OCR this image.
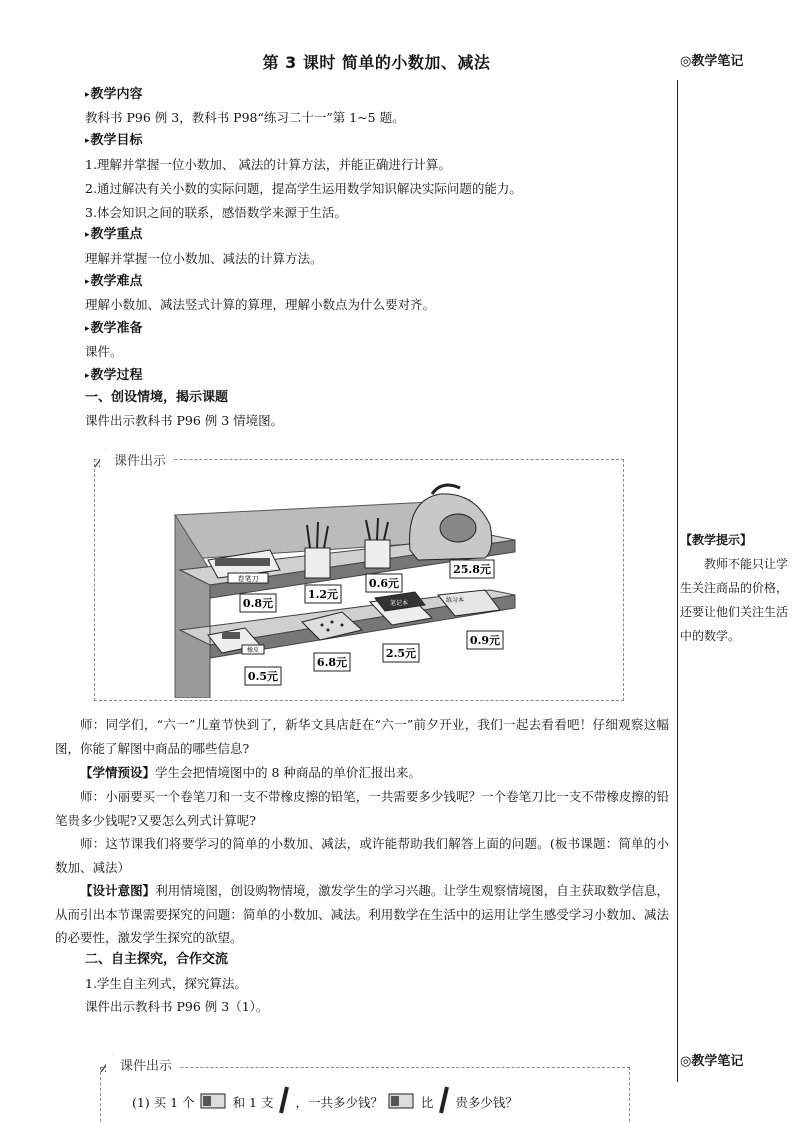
第 3 课时 简单的小数加、减法
▸教学内容
教科书 P96 例 3，教科书 P98“练习二十一”第 1~5 题。
▸教学目标
1.理解并掌握一位小数加、 减法的计算方法，并能正确进行计算。
2.通过解决有关小数的实际问题，提高学生运用数学知识解决实际问题的能力。
3.体会知识之间的联系，感悟数学来源于生活。
▸教学重点
理解并掌握一位小数加、减法的计算方法。
▸教学难点
理解小数加、减法竖式计算的算理，理解小数点为什么要对齐。
▸教学准备
课件。
▸教学过程
一、创设情境，揭示课题
课件出示教科书 P96 例 3 情境图。
师：同学们，“六一”儿童节快到了，新华文具店赶在“六一”前夕开业，我们一起去看看吧！仔细观察这幅图，你能了解图中商品的哪些信息?
【学情预设】学生会把情境图中的 8 种商品的单价汇报出来。
师：小丽要买一个卷笔刀和一支不带橡皮擦的铅笔，一共需要多少钱呢？一个卷笔刀比一支不带橡皮擦的铅笔贵多少钱呢?又要怎么列式计算呢?
师：这节课我们将要学习的简单的小数加、减法，或许能帮助我们解答上面的问题。(板书课题：简单的小数加、减法）
【设计意图】利用情境图，创设购物情境，激发学生的学习兴趣。让学生观察情境图，自主获取数学信息，从而引出本节课需要探究的问题：简单的小数加、减法。利用数学在生活中的运用让学生感受学习小数加、减法的必要性，激发学生探究的欲望。
二、自主探究，合作交流
1.学生自主列式，探究算法。
课件出示教科书 P96 例 3（1）。
课件出示
卷笔刀
笔记本	练习本
橡皮
0.8元
1.2元
0.6元
25.8元
0.5元
6.8元
2.5元
0.9元
课件出示
(1) 买 1 个	和 1 支 ，一共多少钱？	比 贵多少钱？
◎教学笔记
【教学提示】
教师不能只让学生关注商品的价格，还要让他们关注生活中的数学。
◎教学笔记
